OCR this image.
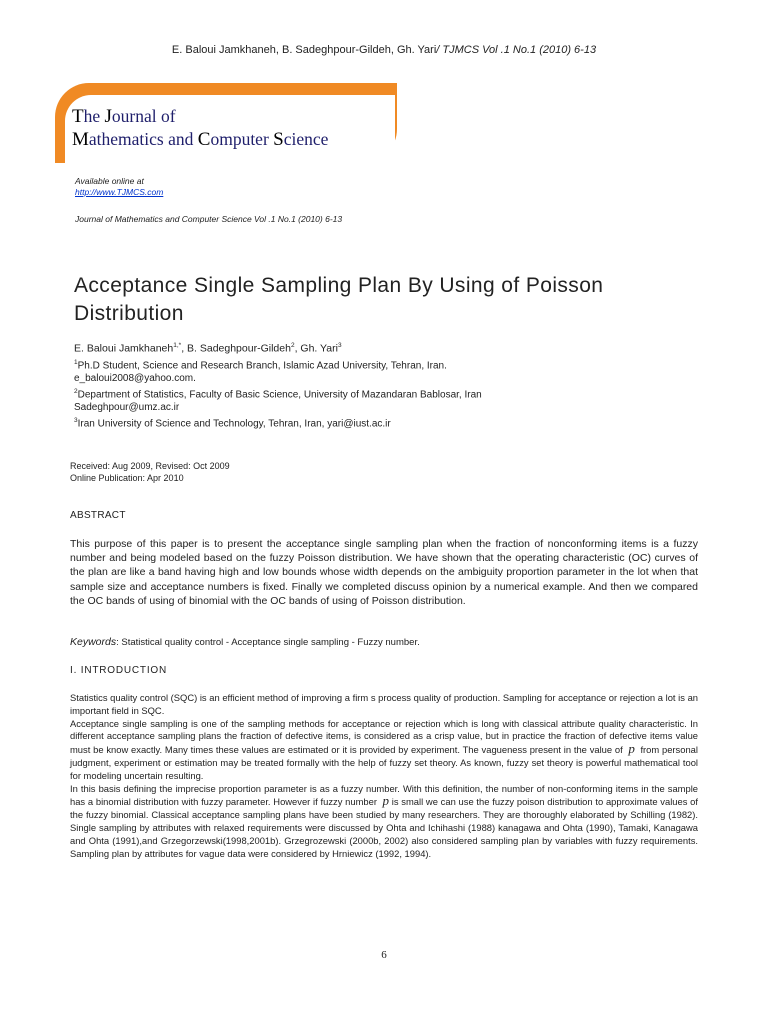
E. Baloui Jamkhaneh, B. Sadeghpour-Gildeh, Gh. Yari/ TJMCS Vol .1 No.1 (2010) 6-13
The Journal of
Mathematics and Computer Science
Available online at
http://www.TJMCS.com
Journal of Mathematics and Computer Science Vol .1 No.1 (2010) 6-13
Acceptance Single Sampling Plan By Using of Poisson Distribution
E. Baloui Jamkhaneh$^{1,*}$, B. Sadeghpour-Gildeh$^2$, Gh. Yari$^3$
$^1$Ph.D Student, Science and Research Branch, Islamic Azad University, Tehran, Iran.
e_baloui2008@yahoo.com.
$^2$Department of Statistics, Faculty of Basic Science, University of Mazandaran Bablosar, Iran
Sadeghpour@umz.ac.ir
$^3$Iran University of Science and Technology, Tehran, Iran, yari@iust.ac.ir
Received: Aug 2009, Revised: Oct 2009
Online Publication: Apr 2010
ABSTRACT
This purpose of this paper is to present the acceptance single sampling plan when the fraction of nonconforming items is a fuzzy number and being modeled based on the fuzzy Poisson distribution. We have shown that the operating characteristic (OC) curves of the plan are like a band having high and low bounds whose width depends on the ambiguity proportion parameter in the lot when that sample size and acceptance numbers is fixed. Finally we completed discuss opinion by a numerical example. And then we compared the OC bands of using of binomial with the OC bands of using of Poisson distribution.
Keywords: Statistical quality control - Acceptance single sampling - Fuzzy number.
I. INTRODUCTION

Statistics quality control (SQC) is an efficient method of improving a firm s process quality of production. Sampling for acceptance or rejection a lot is an important field in SQC.

Acceptance single sampling is one of the sampling methods for acceptance or rejection which is long with classical attribute quality characteristic. In different acceptance sampling plans the fraction of defective items, is considered as a crisp value, but in practice the fraction of defective items value must be know exactly. Many times these values are estimated or it is provided by experiment. The vagueness present in the value of p from personal judgment, experiment or estimation may be treated formally with the help of fuzzy set theory. As known, fuzzy set theory is powerful mathematical tool for modeling uncertain resulting.

In this basis defining the imprecise proportion parameter is as a fuzzy number. With this definition, the number of non-conforming items in the sample has a binomial distribution with fuzzy parameter. However if fuzzy number p is small we can use the fuzzy poison distribution to approximate values of the fuzzy binomial. Classical acceptance sampling plans have been studied by many researchers. They are thoroughly elaborated by Schilling (1982). Single sampling by attributes with relaxed requirements were discussed by Ohta and Ichihashi (1988) kanagawa and Ohta (1990), Tamaki, Kanagawa and Ohta (1991),and Grzegorzewski(1998,2001b). Grzegrozewski (2000b, 2002) also considered sampling plan by variables with fuzzy requirements. Sampling plan by attributes for vague data were considered by Hrniewicz (1992, 1994).

6
